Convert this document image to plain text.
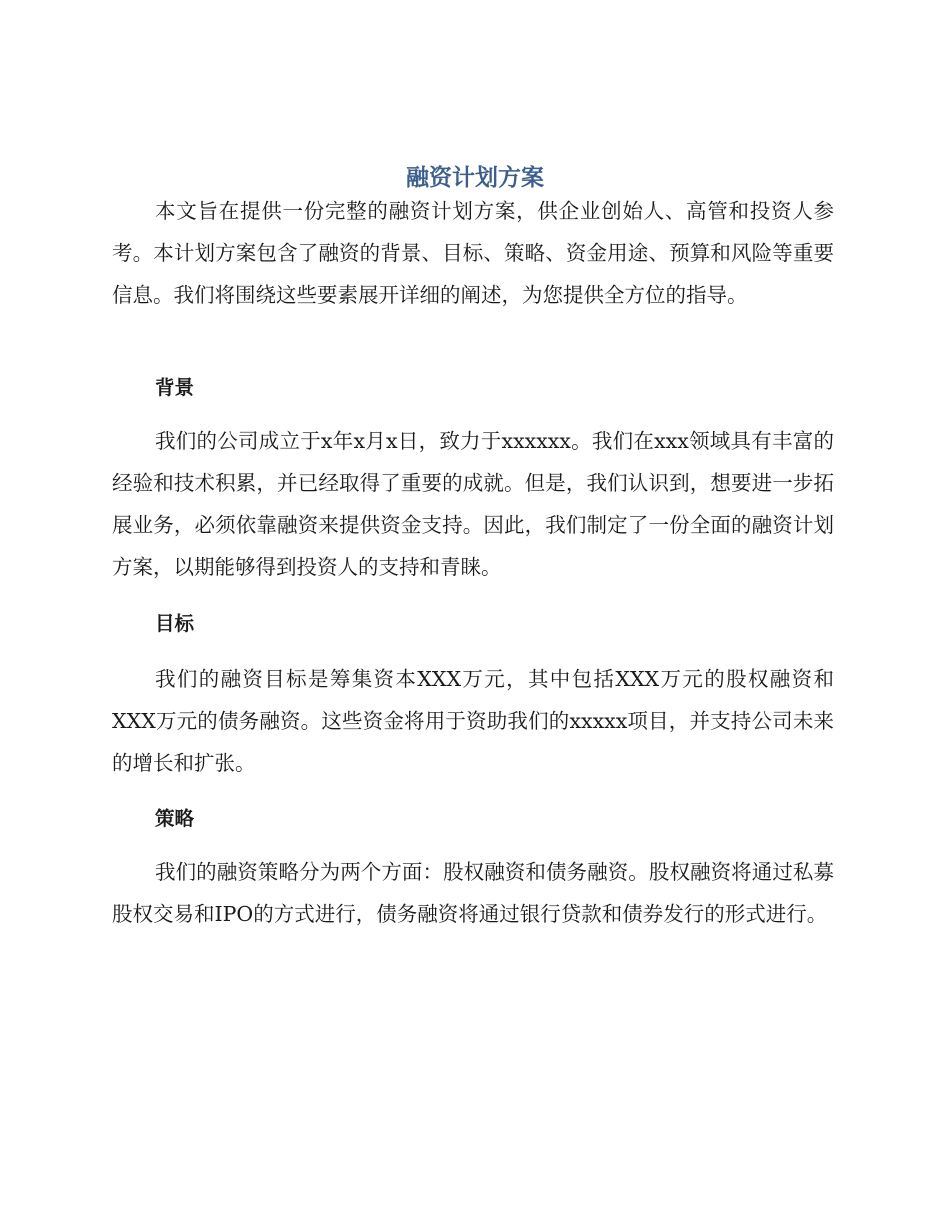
融资计划方案

本文旨在提供一份完整的融资计划方案，供企业创始人、高管和投资人参考。本计划方案包含了融资的背景、目标、策略、资金用途、预算和风险等重要信息。我们将围绕这些要素展开详细的阐述，为您提供全方位的指导。

背景

我们的公司成立于x年x月x日，致力于xxxxxx。我们在xxx领域具有丰富的经验和技术积累，并已经取得了重要的成就。但是，我们认识到，想要进一步拓展业务，必须依靠融资来提供资金支持。因此，我们制定了一份全面的融资计划方案，以期能够得到投资人的支持和青睐。

目标

我们的融资目标是筹集资本XXX万元，其中包括XXX万元的股权融资和XXX万元的债务融资。这些资金将用于资助我们的xxxxx项目，并支持公司未来的增长和扩张。

策略

我们的融资策略分为两个方面：股权融资和债务融资。股权融资将通过私募股权交易和IPO的方式进行，债务融资将通过银行贷款和债券发行的形式进行。
